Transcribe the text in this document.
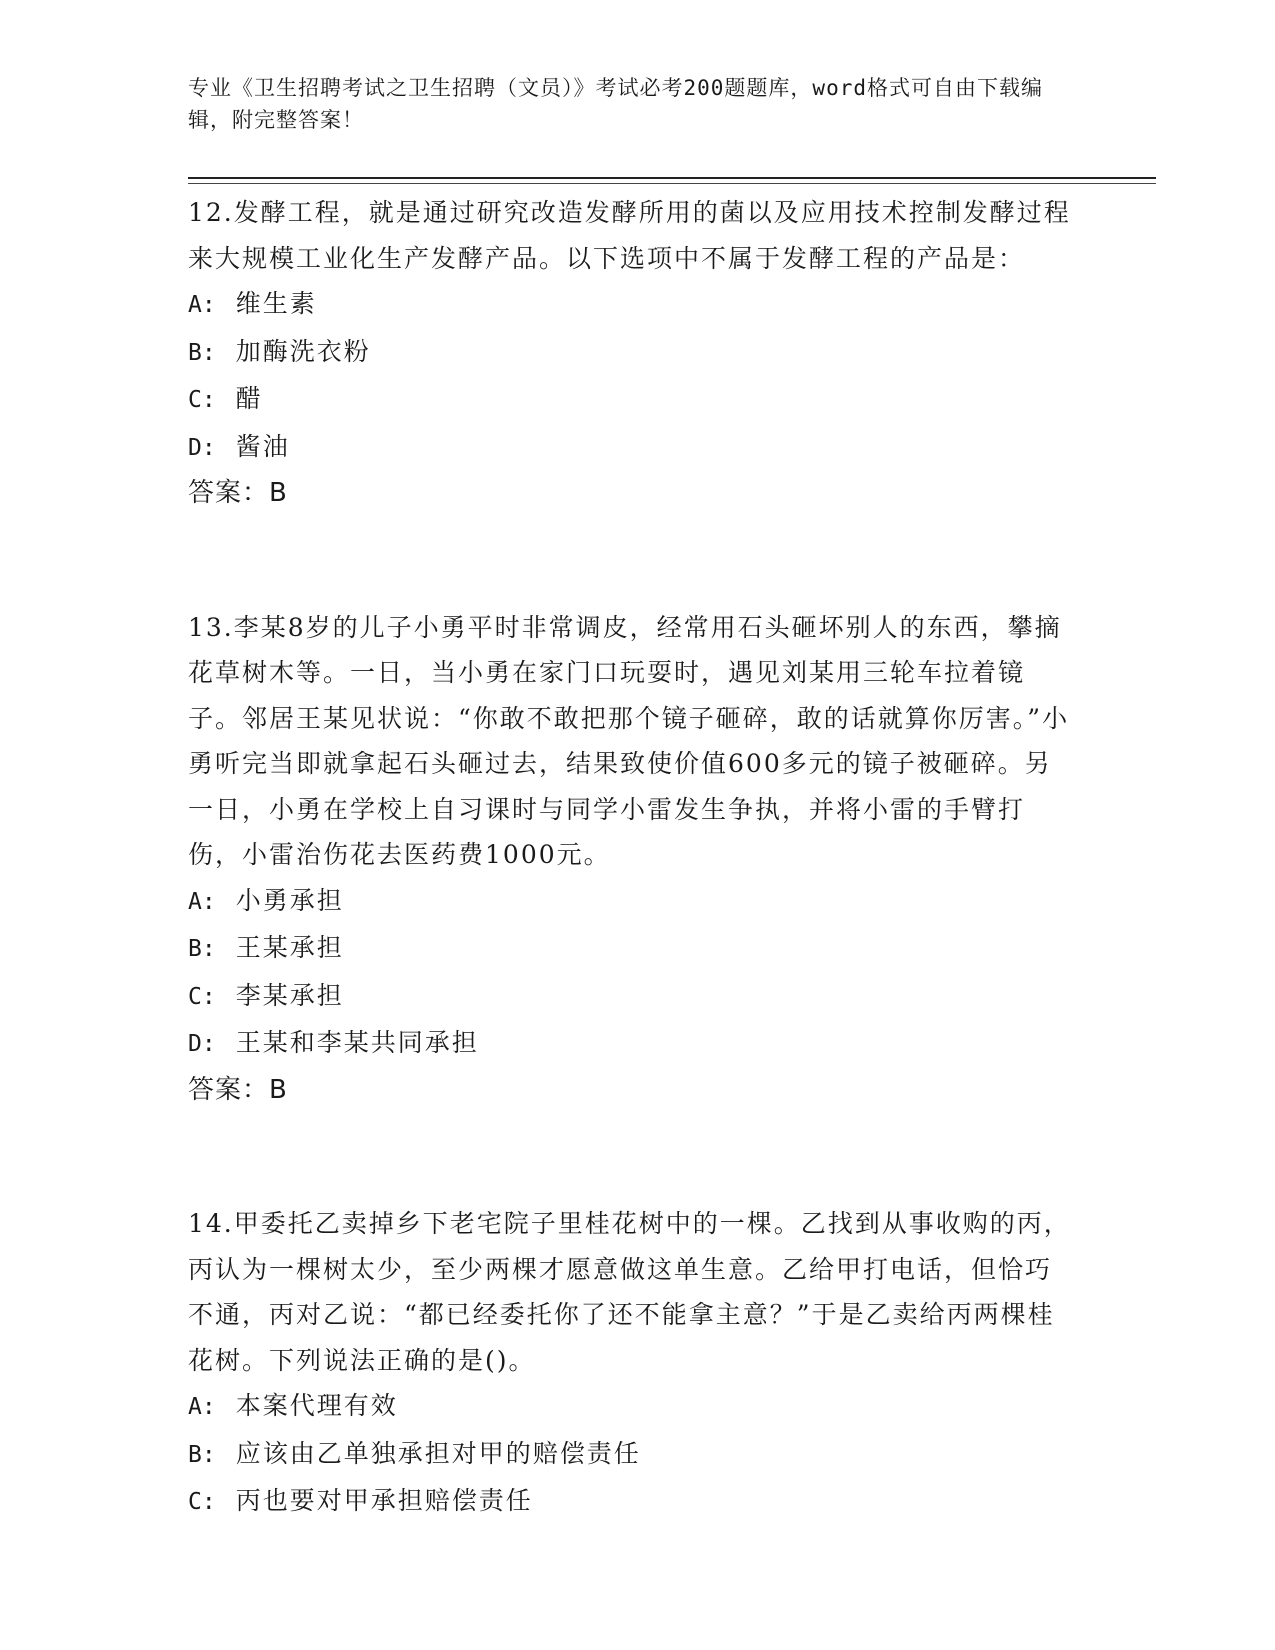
专业《卫生招聘考试之卫生招聘（文员）》考试必考200题题库，word格式可自由下载编辑，附完整答案！
12.发酵工程，就是通过研究改造发酵所用的菌以及应用技术控制发酵过程来大规模工业化生产发酵产品。以下选项中不属于发酵工程的产品是：
A: 维生素
B: 加酶洗衣粉
C: 醋
D: 酱油
答案：B
13.李某8岁的儿子小勇平时非常调皮，经常用石头砸坏别人的东西，攀摘花草树木等。一日，当小勇在家门口玩耍时，遇见刘某用三轮车拉着镜子。邻居王某见状说：“你敢不敢把那个镜子砸碎，敢的话就算你厉害。”小勇听完当即就拿起石头砸过去，结果致使价值600多元的镜子被砸碎。另一日，小勇在学校上自习课时与同学小雷发生争执，并将小雷的手臂打伤，小雷治伤花去医药费1000元。
A: 小勇承担
B: 王某承担
C: 李某承担
D: 王某和李某共同承担
答案：B
14.甲委托乙卖掉乡下老宅院子里桂花树中的一棵。乙找到从事收购的丙，丙认为一棵树太少，至少两棵才愿意做这单生意。乙给甲打电话，但恰巧不通，丙对乙说：“都已经委托你了还不能拿主意？”于是乙卖给丙两棵桂花树。下列说法正确的是()。
A: 本案代理有效
B: 应该由乙单独承担对甲的赔偿责任
C: 丙也要对甲承担赔偿责任
